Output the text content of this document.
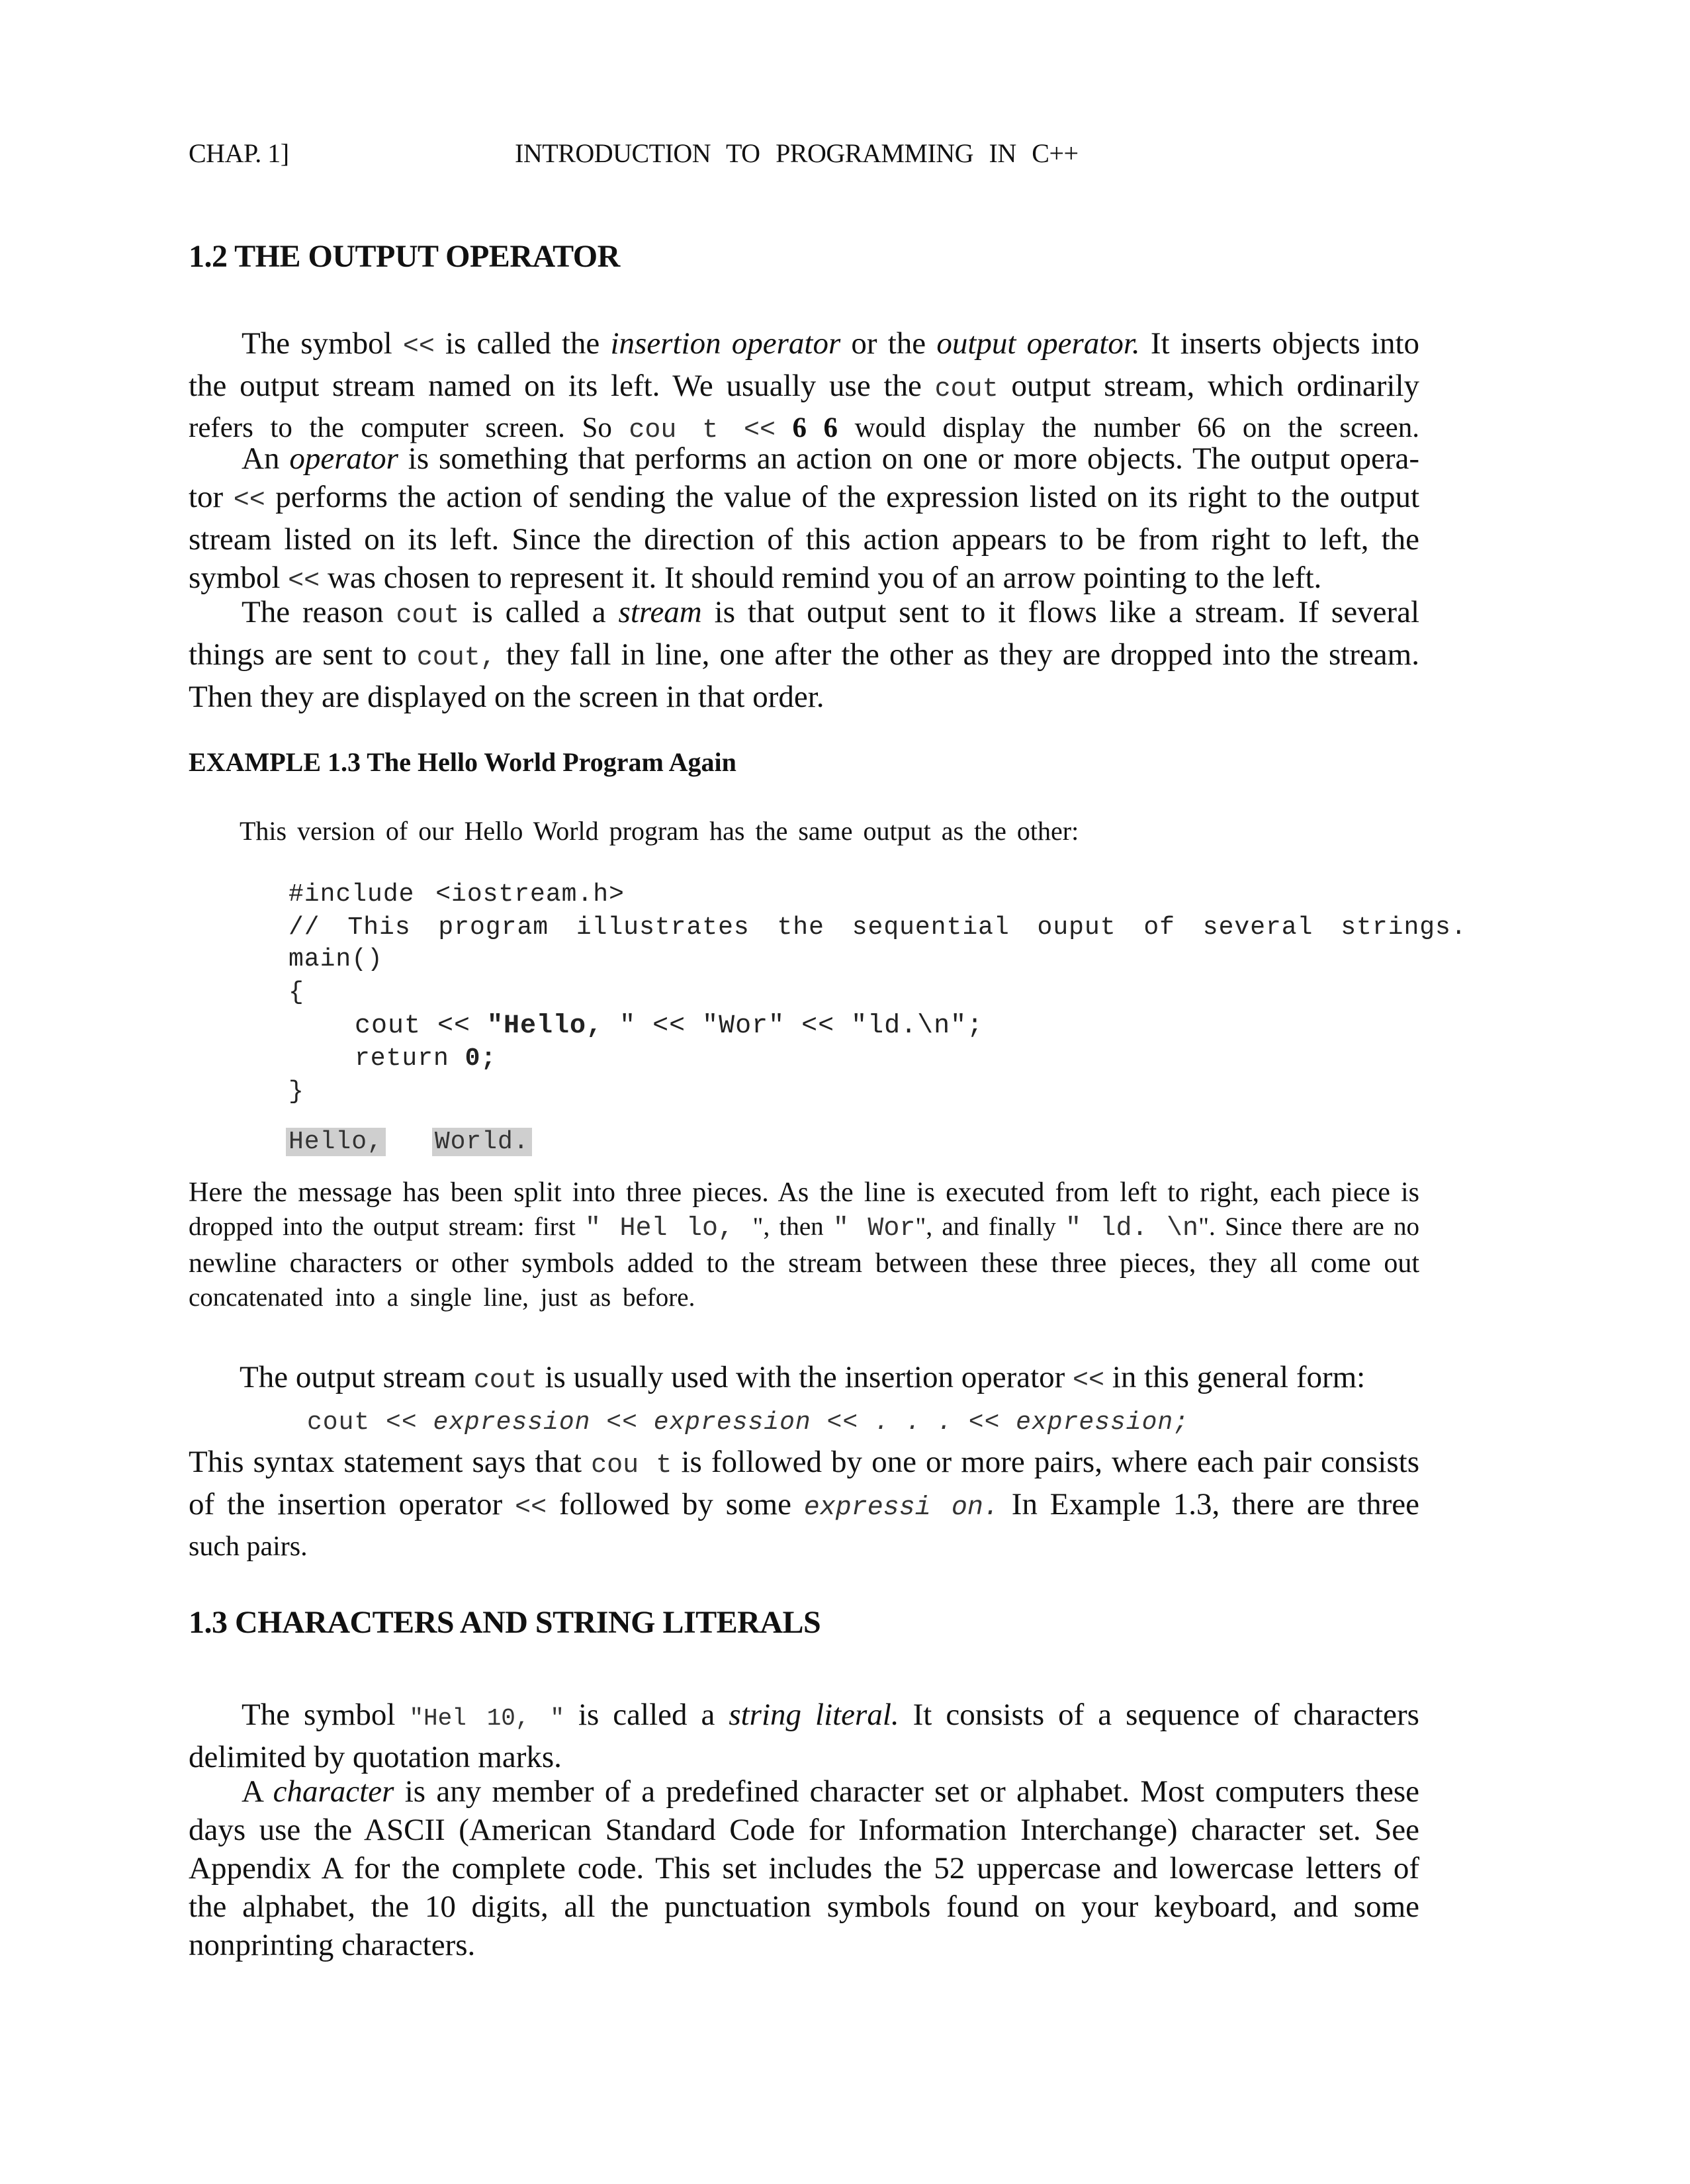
CHAP. 1]	INTRODUCTION TO PROGRAMMING IN C++
1.2 THE OUTPUT OPERATOR
The symbol << is called the insertion operator or the output operator. It inserts objects into
the output stream named on its left. We usually use the cout output stream, which ordinarily
refers to the computer screen. So cou t << 6 6 would display the number 66 on the screen.
An operator is something that performs an action on one or more objects. The output opera-
tor << performs the action of sending the value of the expression listed on its right to the output
stream listed on its left. Since the direction of this action appears to be from right to left, the
symbol << was chosen to represent it. It should remind you of an arrow pointing to the left.
The reason cout is called a stream is that output sent to it flows like a stream. If several
things are sent to cout, they fall in line, one after the other as they are dropped into the stream.
Then they are displayed on the screen in that order.
EXAMPLE 1.3 The Hello World Program Again
This version of our Hello World program has the same output as the other:
#include <iostream.h>
// This program illustrates the sequential ouput of several strings.
main()
{
cout << "Hello, " << "Wor" << "ld.\n";
return 0;
}
Hello, World.
Here the message has been split into three pieces. As the line is executed from left to right, each piece is
dropped into the output stream: first " Hel lo, ", then " Wor", and finally " ld. \n". Since there are no
newline characters or other symbols added to the stream between these three pieces, they all come out
concatenated into a single line, just as before.
The output stream cout is usually used with the insertion operator << in this general form:
cout << expression << expression << . . . << expression;
This syntax statement says that cou t is followed by one or more pairs, where each pair consists
of the insertion operator << followed by some expressi on. In Example 1.3, there are three
such pairs.
1.3 CHARACTERS AND STRING LITERALS
The symbol "Hel 10, " is called a string literal. It consists of a sequence of characters
delimited by quotation marks.
A character is any member of a predefined character set or alphabet. Most computers these
days use the ASCII (American Standard Code for Information Interchange) character set. See
Appendix A for the complete code. This set includes the 52 uppercase and lowercase letters of
the alphabet, the 10 digits, all the punctuation symbols found on your keyboard, and some
nonprinting characters.
